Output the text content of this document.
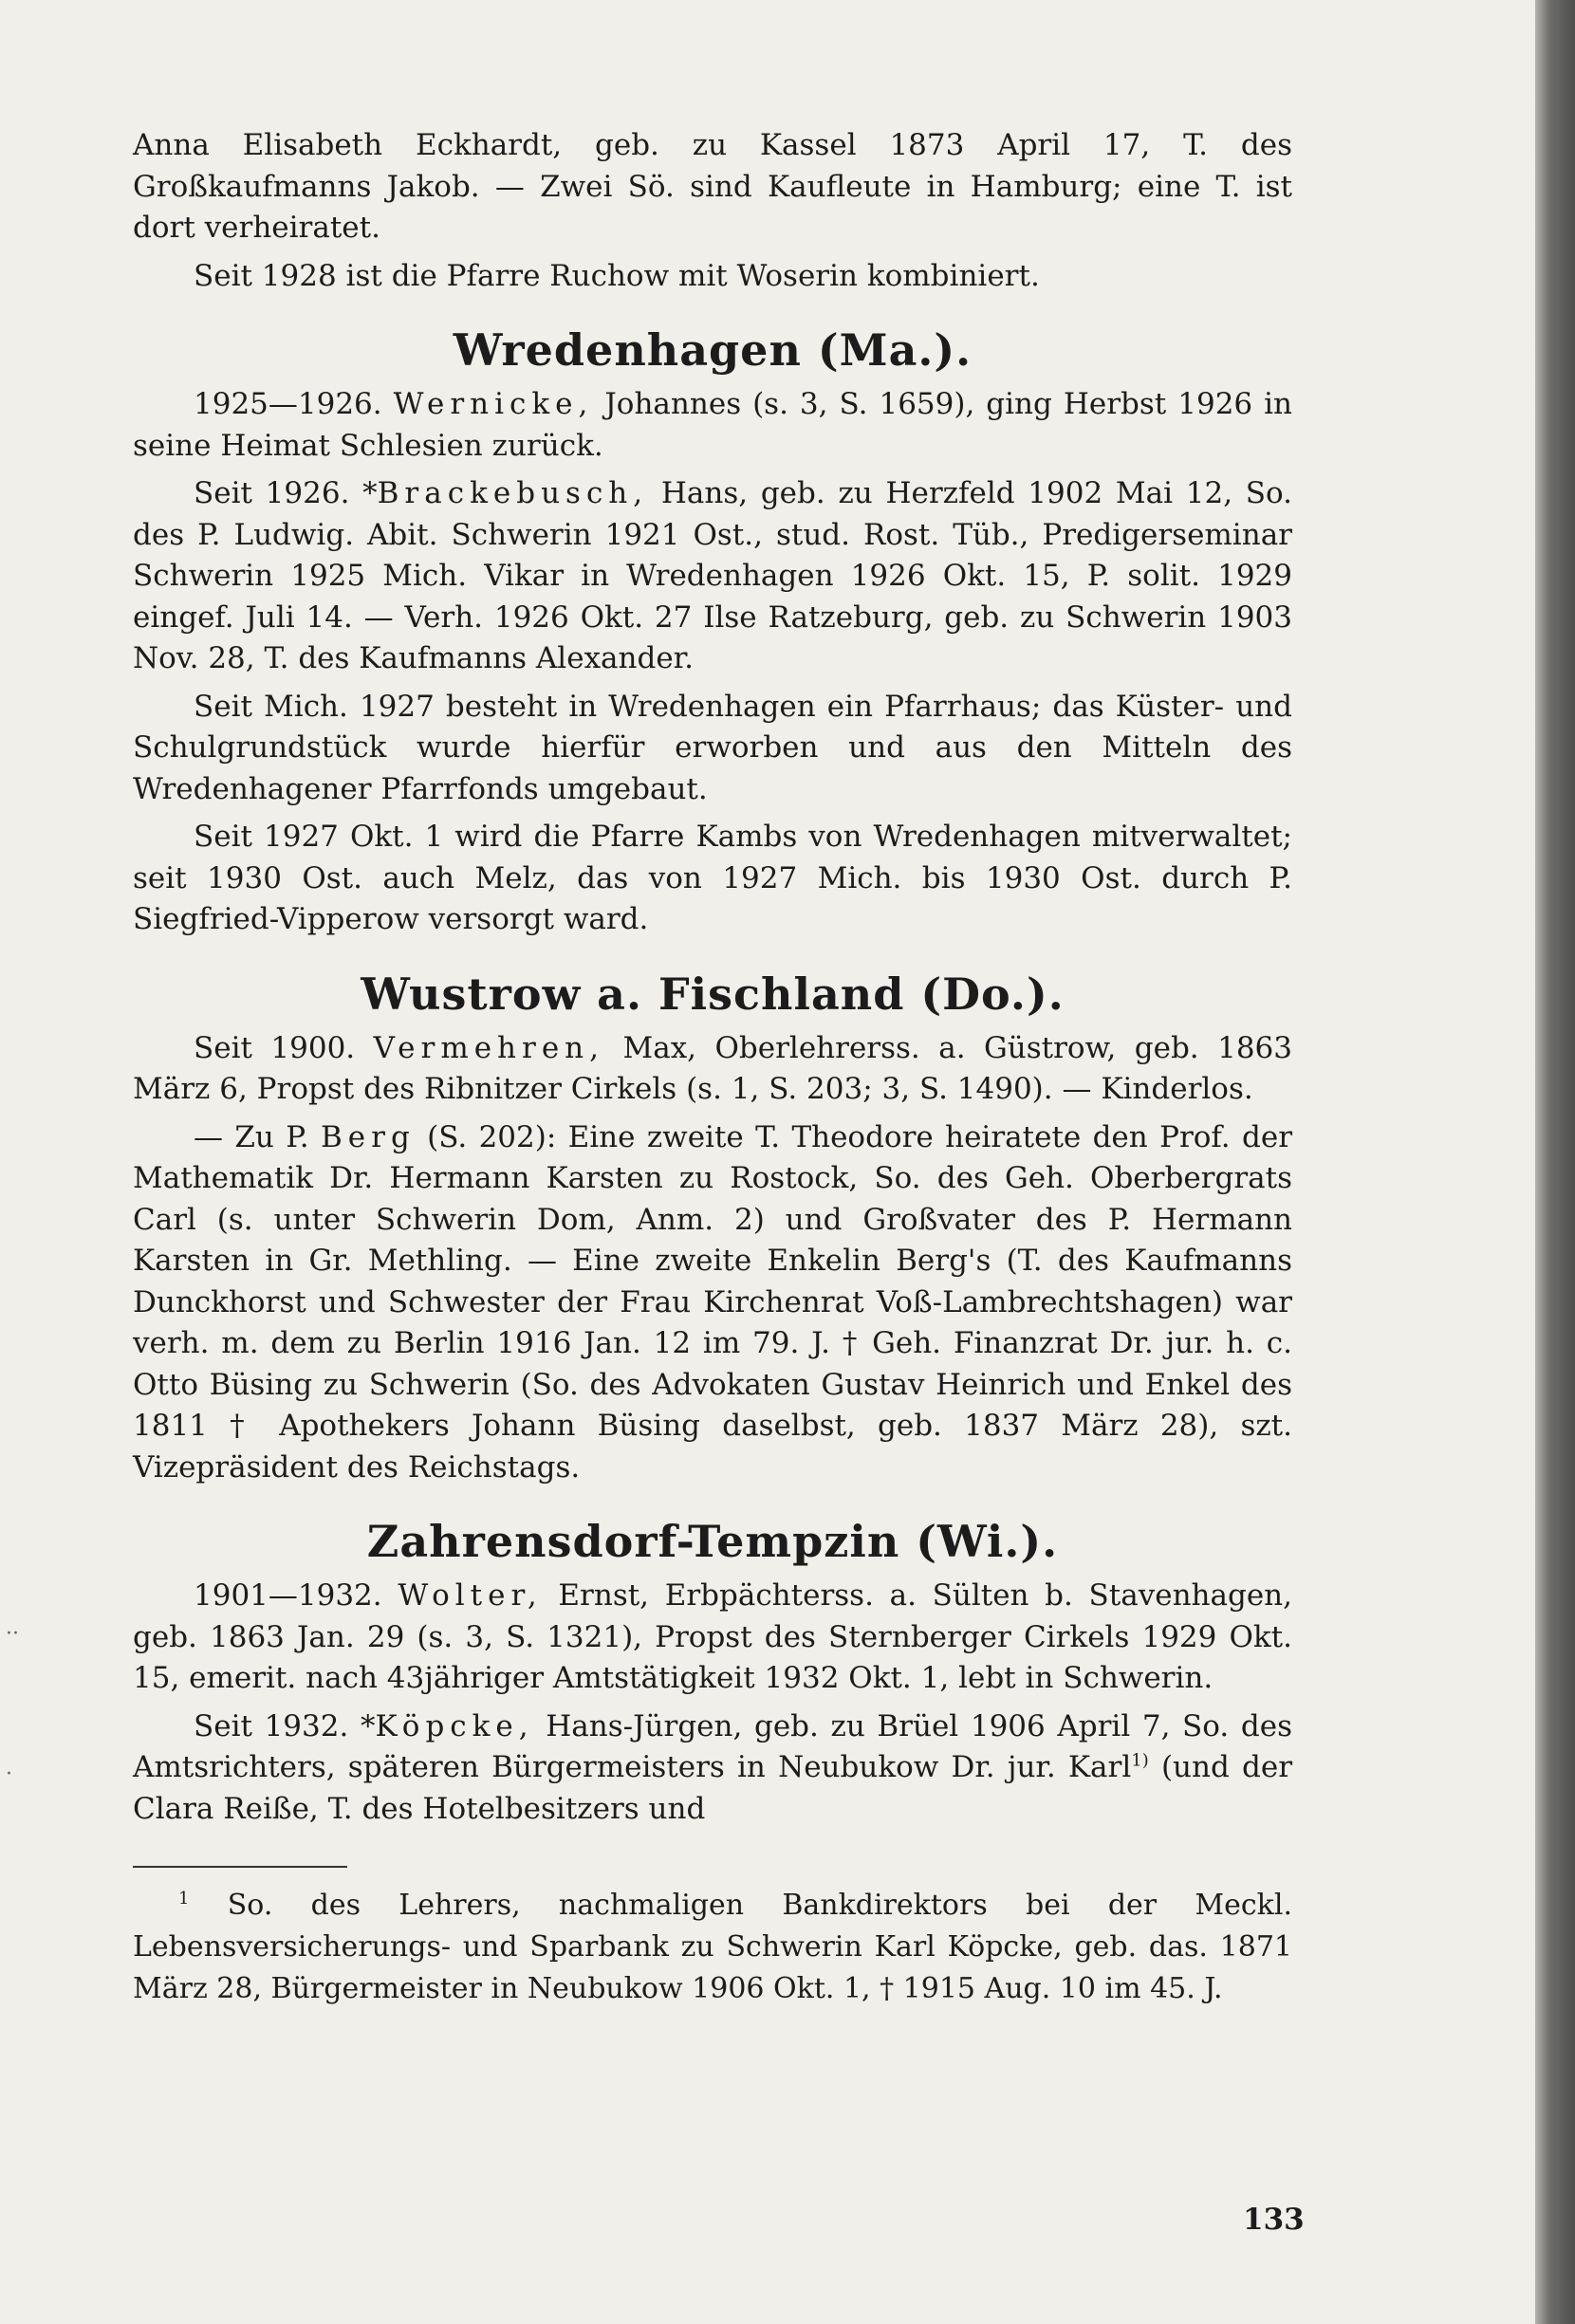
Anna Elisabeth Eckhardt, geb. zu Kassel 1873 April 17, T. des Großkaufmanns Jakob. — Zwei Sö. sind Kaufleute in Hamburg; eine T. ist dort verheiratet.

Seit 1928 ist die Pfarre Ruchow mit Woserin kombiniert.

Wredenhagen (Ma.).

1925—1926. Wernicke, Johannes (s. 3, S. 1659), ging Herbst 1926 in seine Heimat Schlesien zurück.

Seit 1926. *Brackebusch, Hans, geb. zu Herzfeld 1902 Mai 12, So. des P. Ludwig. Abit. Schwerin 1921 Ost., stud. Rost. Tüb., Predigerseminar Schwerin 1925 Mich. Vikar in Wredenhagen 1926 Okt. 15, P. solit. 1929 eingef. Juli 14. — Verh. 1926 Okt. 27 Ilse Ratzeburg, geb. zu Schwerin 1903 Nov. 28, T. des Kaufmanns Alexander.

Seit Mich. 1927 besteht in Wredenhagen ein Pfarrhaus; das Küster- und Schulgrundstück wurde hierfür erworben und aus den Mitteln des Wredenhagener Pfarrfonds umgebaut.

Seit 1927 Okt. 1 wird die Pfarre Kambs von Wredenhagen mitverwaltet; seit 1930 Ost. auch Melz, das von 1927 Mich. bis 1930 Ost. durch P. Siegfried-Vipperow versorgt ward.

Wustrow a. Fischland (Do.).

Seit 1900. Vermehren, Max, Oberlehrerss. a. Güstrow, geb. 1863 März 6, Propst des Ribnitzer Cirkels (s. 1, S. 203; 3, S. 1490). — Kinderlos.

— Zu P. Berg (S. 202): Eine zweite T. Theodore heiratete den Prof. der Mathematik Dr. Hermann Karsten zu Rostock, So. des Geh. Oberbergrats Carl (s. unter Schwerin Dom, Anm. 2) und Großvater des P. Hermann Karsten in Gr. Methling. — Eine zweite Enkelin Berg's (T. des Kaufmanns Dunckhorst und Schwester der Frau Kirchenrat Voß-Lambrechtshagen) war verh. m. dem zu Berlin 1916 Jan. 12 im 79. J. † Geh. Finanzrat Dr. jur. h. c. Otto Büsing zu Schwerin (So. des Advokaten Gustav Heinrich und Enkel des 1811 † Apothekers Johann Büsing daselbst, geb. 1837 März 28), szt. Vizepräsident des Reichstags.

Zahrensdorf-Tempzin (Wi.).

1901—1932. Wolter, Ernst, Erbpächterss. a. Sülten b. Stavenhagen, geb. 1863 Jan. 29 (s. 3, S. 1321), Propst des Sternberger Cirkels 1929 Okt. 15, emerit. nach 43jähriger Amtstätigkeit 1932 Okt. 1, lebt in Schwerin.

Seit 1932. *Köpcke, Hans-Jürgen, geb. zu Brüel 1906 April 7, So. des Amtsrichters, späteren Bürgermeisters in Neubukow Dr. jur. Karl$^{1)}$ (und der Clara Reiße, T. des Hotelbesitzers und

$^1$ So. des Lehrers, nachmaligen Bankdirektors bei der Meckl. Lebensversicherungs- und Sparbank zu Schwerin Karl Köpcke, geb. das. 1871 März 28, Bürgermeister in Neubukow 1906 Okt. 1, † 1915 Aug. 10 im 45. J.

133
··
·
